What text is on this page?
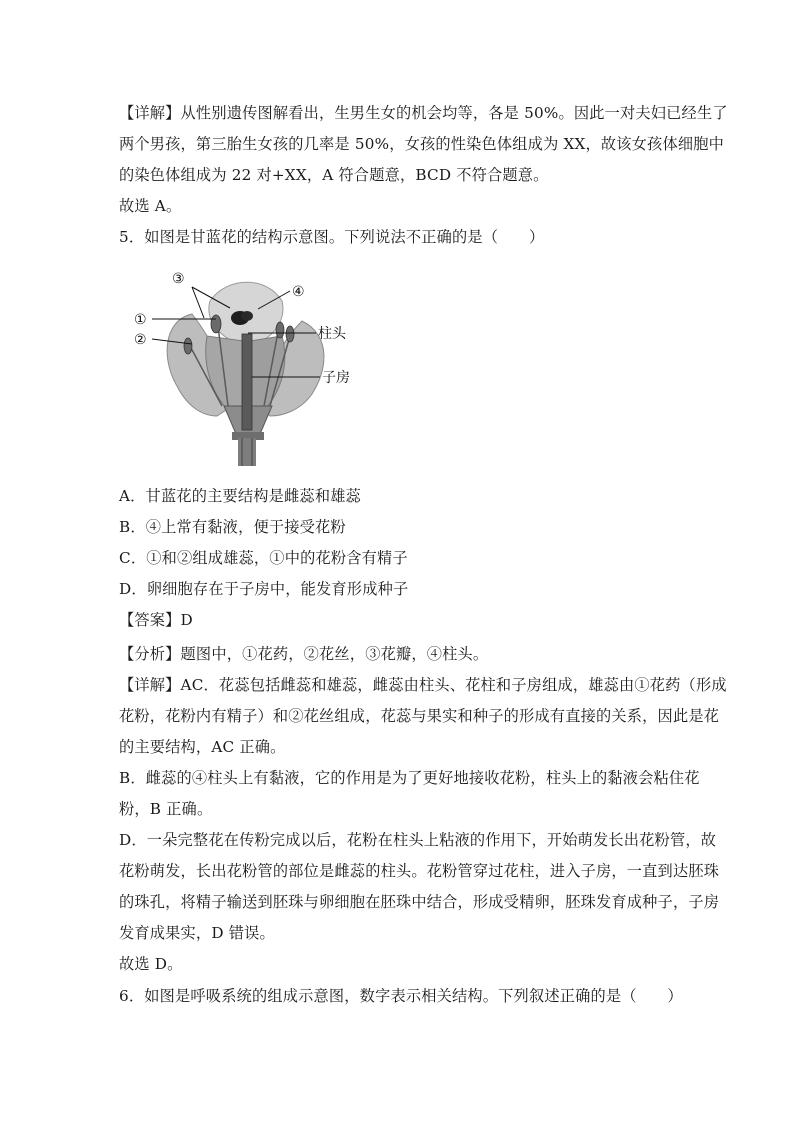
【详解】从性别遗传图解看出，生男生女的机会均等，各是 50%。因此一对夫妇已经生了
两个男孩，第三胎生女孩的几率是 50%，女孩的性染色体组成为 XX，故该女孩体细胞中
的染色体组成为 22 对+XX，A 符合题意，BCD 不符合题意。
故选 A。
5．如图是甘蓝花的结构示意图。下列说法不正确的是（　　）
③
④
①
②	柱头
子房
A．甘蓝花的主要结构是雌蕊和雄蕊
B．④上常有黏液，便于接受花粉
C．①和②组成雄蕊，①中的花粉含有精子
D．卵细胞存在于子房中，能发育形成种子
【答案】D
【分析】题图中，①花药，②花丝，③花瓣，④柱头。
【详解】AC．花蕊包括雌蕊和雄蕊，雌蕊由柱头、花柱和子房组成，雄蕊由①花药（形成
花粉，花粉内有精子）和②花丝组成，花蕊与果实和种子的形成有直接的关系，因此是花
的主要结构，AC 正确。
B．雌蕊的④柱头上有黏液，它的作用是为了更好地接收花粉，柱头上的黏液会粘住花
粉，B 正确。
D．一朵完整花在传粉完成以后，花粉在柱头上粘液的作用下，开始萌发长出花粉管，故
花粉萌发，长出花粉管的部位是雌蕊的柱头。花粉管穿过花柱，进入子房，一直到达胚珠
的珠孔，将精子输送到胚珠与卵细胞在胚珠中结合，形成受精卵，胚珠发育成种子，子房
发育成果实，D 错误。
故选 D。
6．如图是呼吸系统的组成示意图，数字表示相关结构。下列叙述正确的是（　　）
